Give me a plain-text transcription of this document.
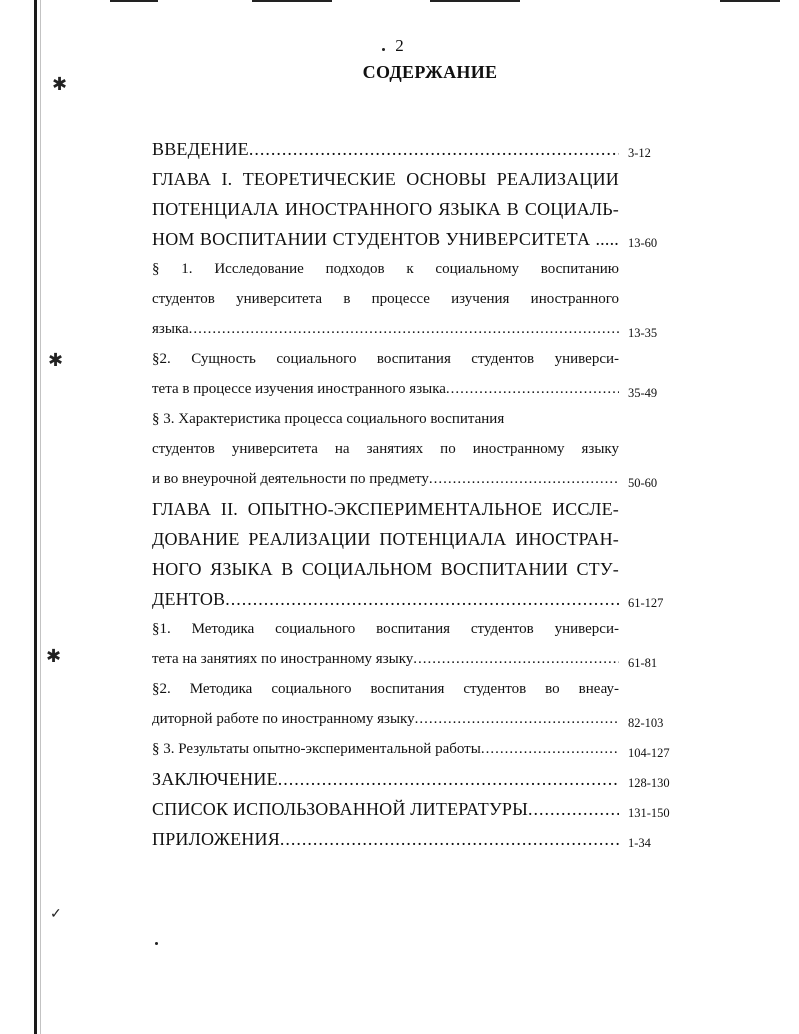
✱
✱
✱
✓
2
СОДЕРЖАНИЕ
ВВЕДЕНИЕ .....	3-12
ГЛАВА I. ТЕОРЕТИЧЕСКИЕ ОСНОВЫ РЕАЛИЗАЦИИ
ПОТЕНЦИАЛА ИНОСТРАННОГО ЯЗЫКА В СОЦИАЛЬ-
НОМ ВОСПИТАНИИ СТУДЕНТОВ УНИВЕРСИТЕТА ..... 13-60
§ 1. Исследование подходов к социальному воспитанию
студентов университета в процессе изучения иностранного
языка .....	13-35
§2. Сущность социального воспитания студентов универси-
тета в процессе изучения иностранного языка .....	35-49
§ 3. Характеристика процесса социального воспитания
студентов университета на занятиях по иностранному языку
и во внеурочной деятельности по предмету .....	50-60
ГЛАВА II. ОПЫТНО-ЭКСПЕРИМЕНТАЛЬНОЕ ИССЛЕ-
ДОВАНИЕ РЕАЛИЗАЦИИ ПОТЕНЦИАЛА ИНОСТРАН-
НОГО ЯЗЫКА В СОЦИАЛЬНОМ ВОСПИТАНИИ СТУ-
ДЕНТОВ
.....	61-127
§1. Методика социального воспитания студентов универси-
тета на занятиях по иностранному языку .....	61-81
§2. Методика социального воспитания студентов во внеау-
диторной работе по иностранному языку
.....	82-103
§ 3. Результаты опытно-экспериментальной работы
.....	104-127
ЗАКЛЮЧЕНИЕ
.....	128-130
СПИСОК ИСПОЛЬЗОВАННОЙ ЛИТЕРАТУРЫ
.....	131-150
ПРИЛОЖЕНИЯ .....	1-34
